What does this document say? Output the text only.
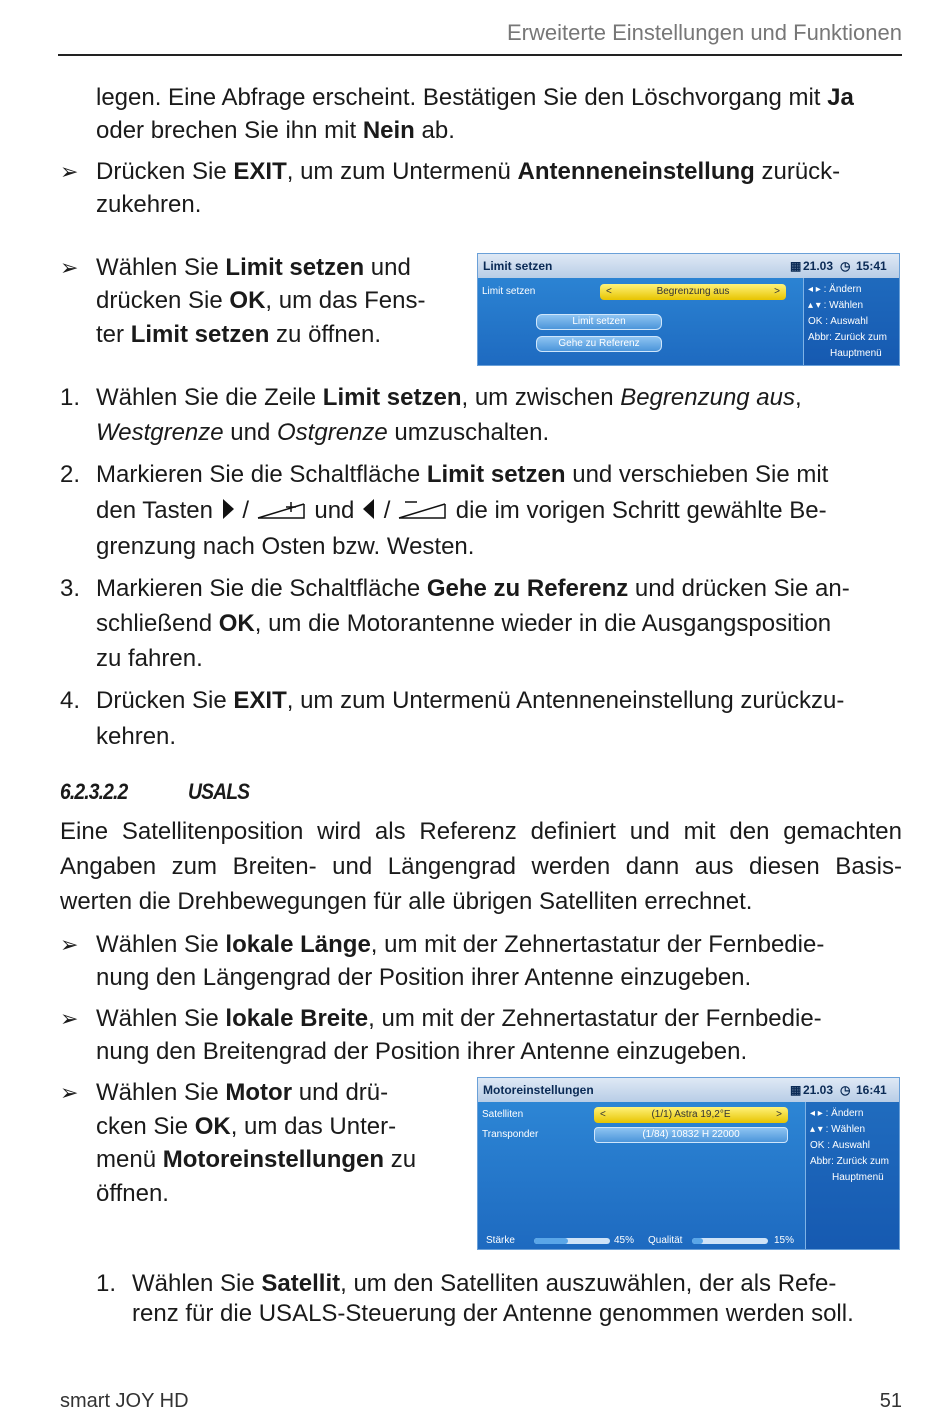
Erweiterte Einstellungen und Funktionen
legen. Eine Abfrage erscheint. Bestätigen Sie den Löschvorgang mit Ja
oder brechen Sie ihn mit Nein ab.
➢ Drücken Sie EXIT, um zum Untermenü Antenneneinstellung zurück-
zukehren.
➢ Wählen Sie Limit setzen und
drücken Sie OK, um das Fens-
ter Limit setzen zu öffnen.
Limit setzen	▦ 21.03 ◷ 15:41
Limit setzen	<	Begrenzung aus	>
Limit setzen
Gehe zu Referenz
◂ ▸ : Ändern
▴ ▾ : Wählen
OK : Auswahl
Abbr: Zurück zum
Hauptmenü
1. Wählen Sie die Zeile Limit setzen, um zwischen Begrenzung aus,
Westgrenze und Ostgrenze umzuschalten.
2. Markieren Sie die Schaltfläche Limit setzen und verschieben Sie mit
den Tasten /	und /	die im vorigen Schritt gewählte Be-
grenzung nach Osten bzw. Westen.
3. Markieren Sie die Schaltfläche Gehe zu Referenz und drücken Sie an-
schließend OK, um die Motorantenne wieder in die Ausgangsposition
zu fahren.
4. Drücken Sie EXIT, um zum Untermenü Antenneneinstellung zurückzu-
kehren.
6.2.3.2.2	USALS
Eine Satellitenposition wird als Referenz definiert und mit den gemachten
Angaben zum Breiten- und Längengrad werden dann aus diesen Basis-
werten die Drehbewegungen für alle übrigen Satelliten errechnet.
➢ Wählen Sie lokale Länge, um mit der Zehnertastatur der Fernbedie-
nung den Längengrad der Position ihrer Antenne einzugeben.
➢ Wählen Sie lokale Breite, um mit der Zehnertastatur der Fernbedie-
nung den Breitengrad der Position ihrer Antenne einzugeben.
➢ Wählen Sie Motor und drü-
cken Sie OK, um das Unter-
menü Motoreinstellungen zu
öffnen.
Motoreinstellungen	▦ 21.03 ◷ 16:41
Satelliten	<	(1/1) Astra 19,2°E	>
Transponder	(1/84) 10832 H 22000
Stärke	45% Qualität	15%
◂ ▸ : Ändern
▴ ▾ : Wählen
OK : Auswahl
Abbr: Zurück zum
Hauptmenü
1. Wählen Sie Satellit, um den Satelliten auszuwählen, der als Refe-
renz für die USALS-Steuerung der Antenne genommen werden soll.
smart JOY HD	51
